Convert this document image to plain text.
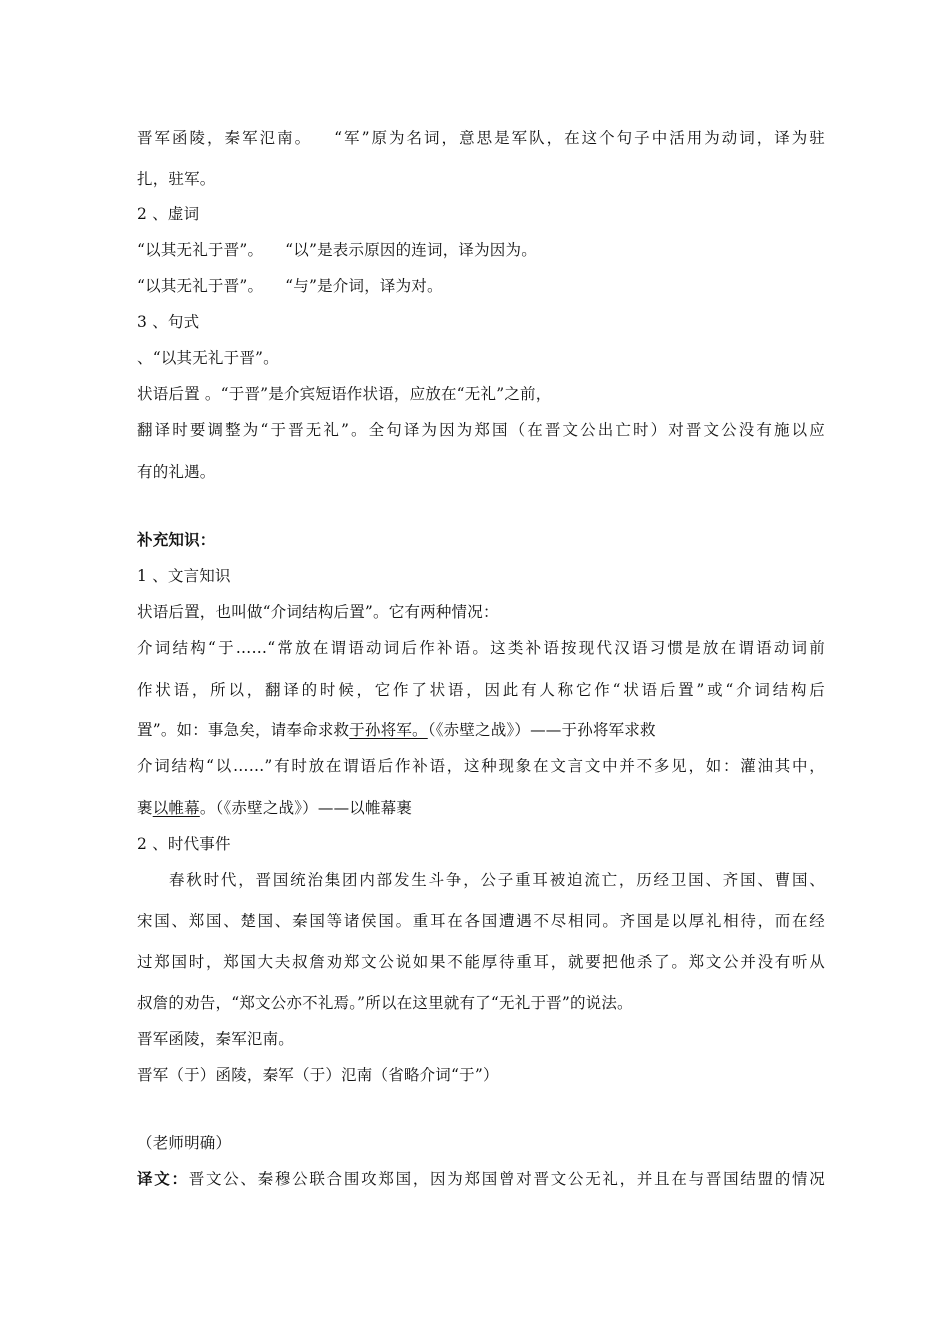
晋军函陵，秦军氾南。 “军”原为名词，意思是军队，在这个句子中活用为动词，译为驻
扎，驻军。
2 、虚词
“以其无礼于晋”。 “以”是表示原因的连词，译为因为。
“以其无礼于晋”。 “与”是介词，译为对。
3 、句式
、“以其无礼于晋”。
状语后置 。“于晋”是介宾短语作状语，应放在“无礼”之前，
翻译时要调整为“于晋无礼”。全句译为因为郑国（在晋文公出亡时）对晋文公没有施以应
有的礼遇。
补充知识：
1 、文言知识
状语后置，也叫做“介词结构后置”。它有两种情况：
介词结构“于……“常放在谓语动词后作补语。这类补语按现代汉语习惯是放在谓语动词前
作状语，所以，翻译的时候，它作了状语，因此有人称它作“状语后置”或“介词结构后
置”。如：事急矣，请奉命求救于孙将军。（《赤壁之战》）——于孙将军求救
介词结构“以……”有时放在谓语后作补语，这种现象在文言文中并不多见，如：灌油其中，
裹以帷幕。（《赤壁之战》）——以帷幕裹
2 、时代事件
春秋时代，晋国统治集团内部发生斗争，公子重耳被迫流亡，历经卫国、齐国、曹国、
宋国、郑国、楚国、秦国等诸侯国。重耳在各国遭遇不尽相同。齐国是以厚礼相待，而在经
过郑国时，郑国大夫叔詹劝郑文公说如果不能厚待重耳，就要把他杀了。郑文公并没有听从
叔詹的劝告，“郑文公亦不礼焉。”所以在这里就有了“无礼于晋”的说法。
晋军函陵，秦军氾南。
晋军（于）函陵，秦军（于）氾南（省略介词“于”）
（老师明确）
译文：晋文公、秦穆公联合围攻郑国，因为郑国曾对晋文公无礼，并且在与晋国结盟的情况
